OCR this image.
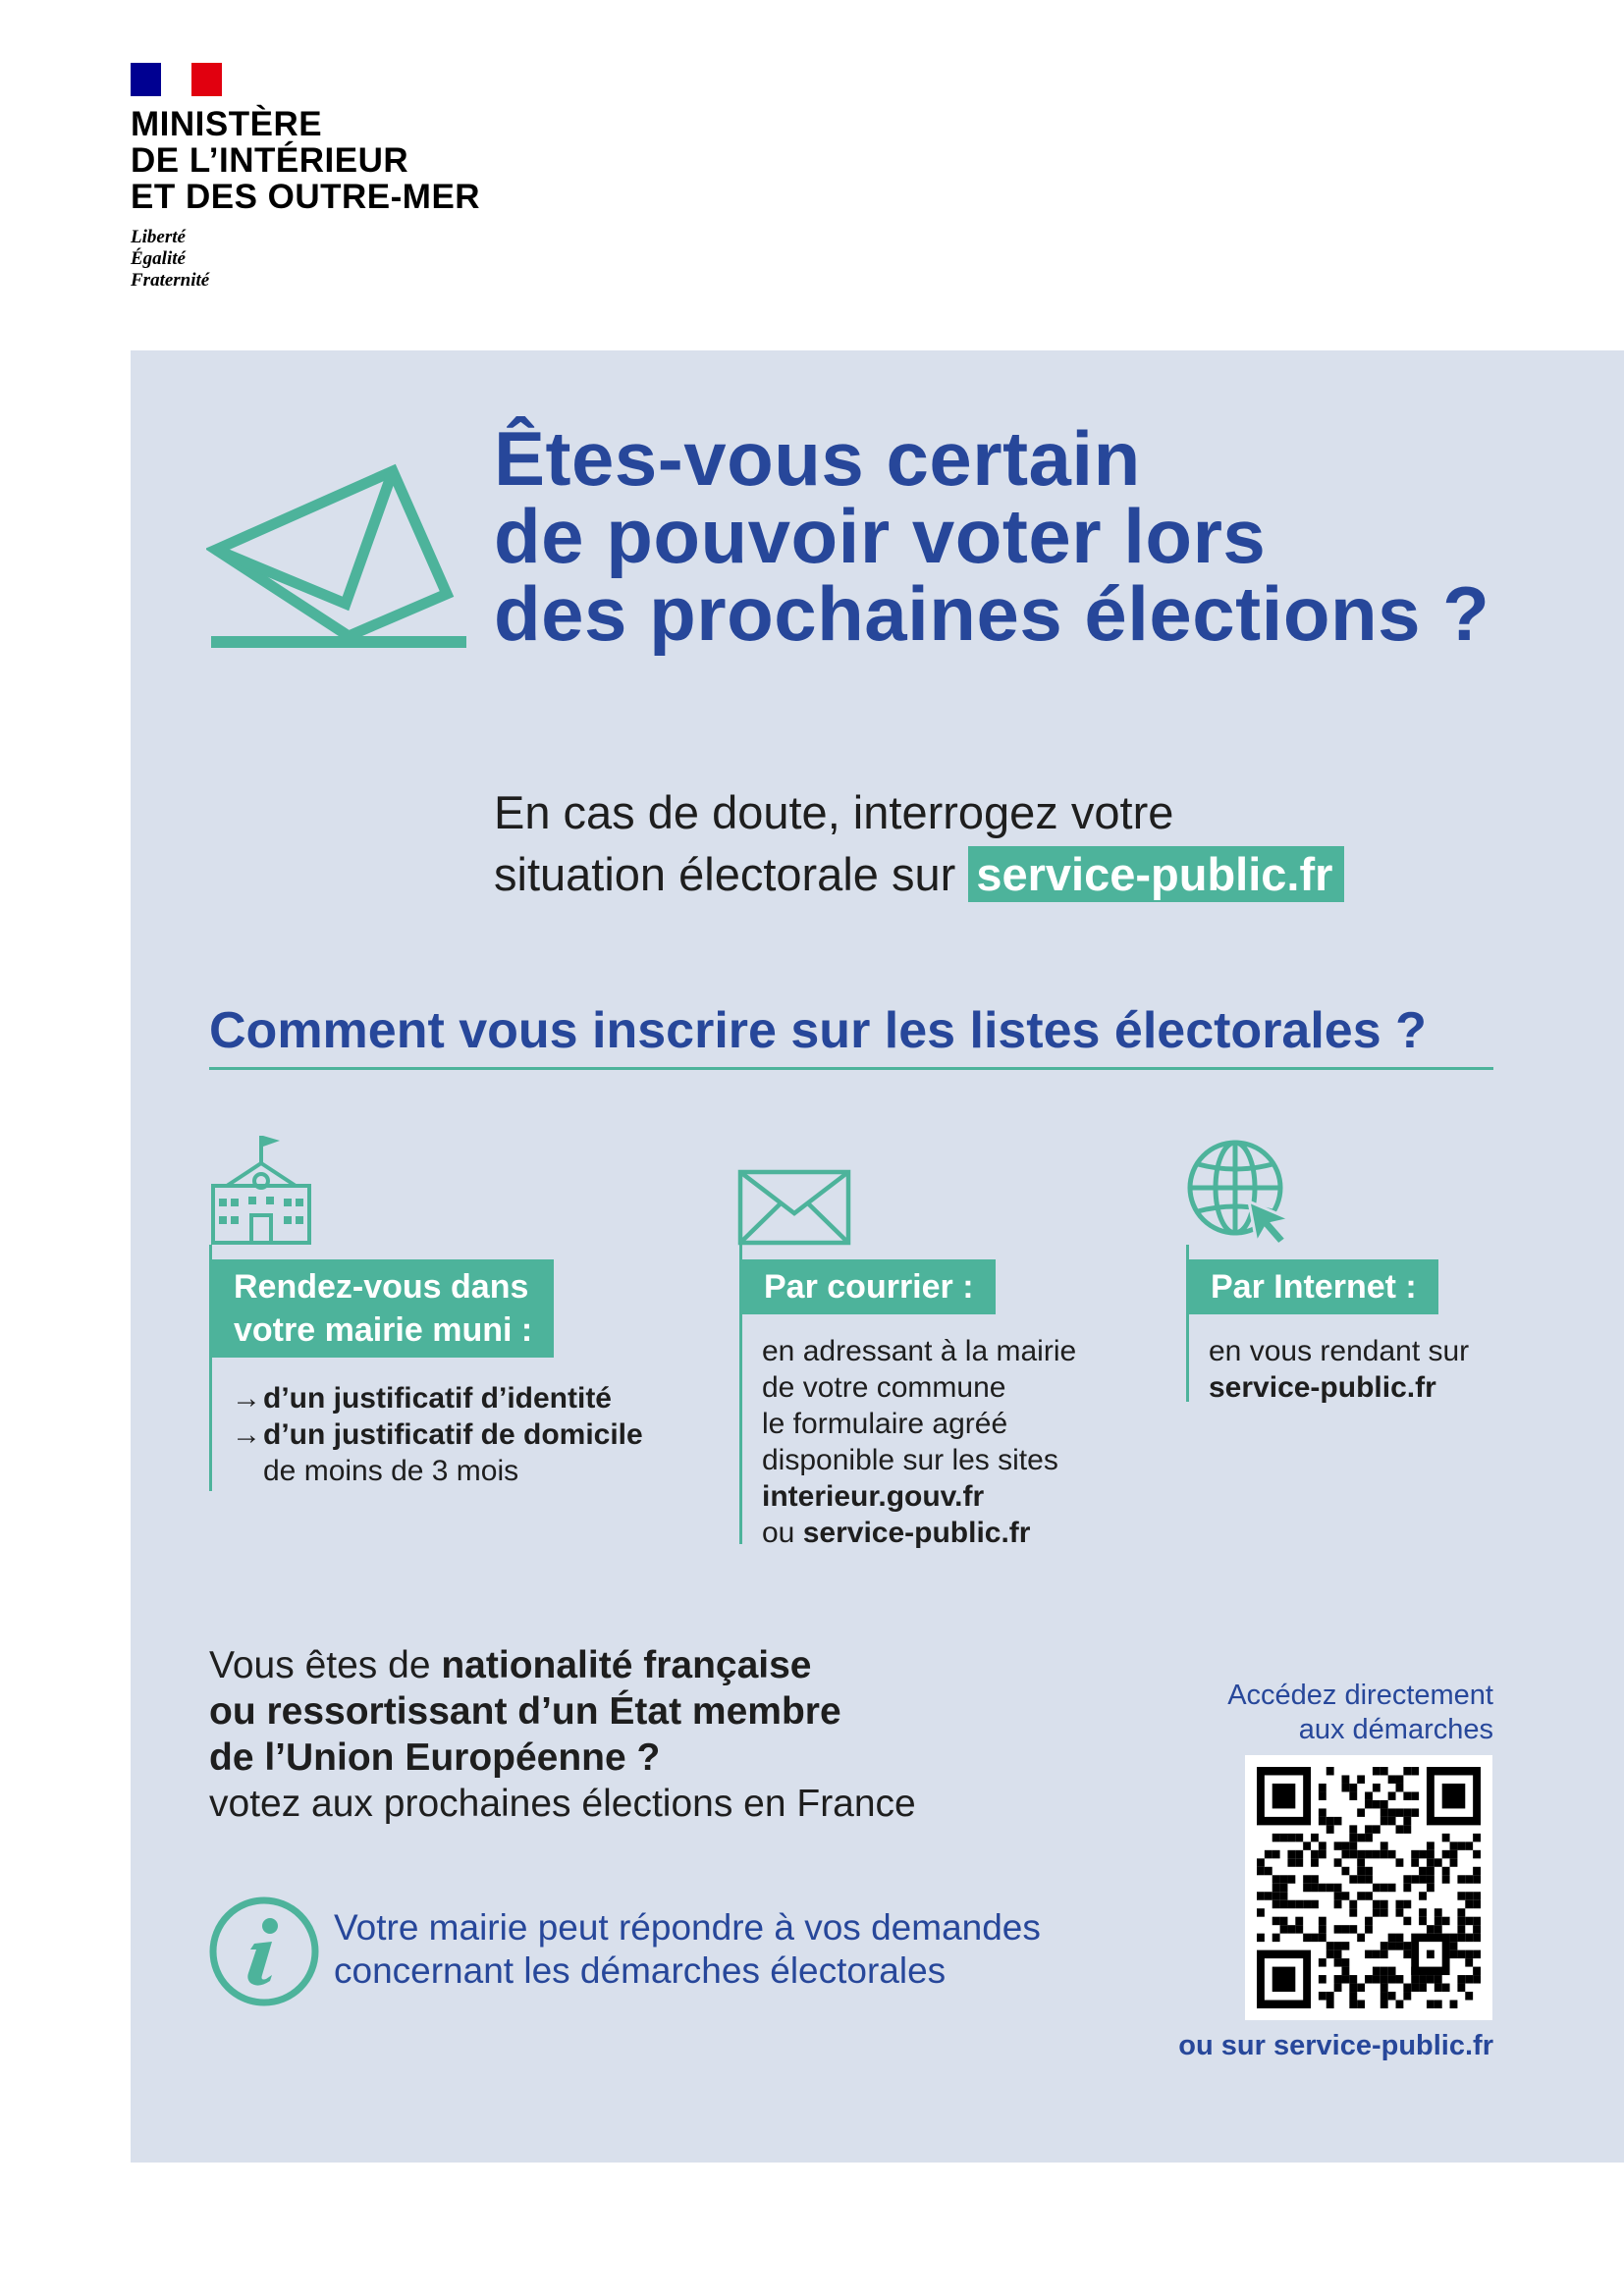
MINISTÈRE
DE L’INTÉRIEUR
ET DES OUTRE-MER
Liberté
Égalité
Fraternité
Êtes-vous certain
de pouvoir voter lors
des prochaines élections ?
En cas de doute, interrogez votre
situation électorale sur service-public.fr
Comment vous inscrire sur les listes électorales ?
Rendez-vous dans
votre mairie muni :
→d’un justificatif d’identité
→d’un justificatif de domicile
de moins de 3 mois
Par courrier :
en adressant à la mairie
de votre commune
le formulaire agréé
disponible sur les sites
interieur.gouv.fr
ou service-public.fr
Par Internet :
en vous rendant sur
service-public.fr
Vous êtes de nationalité française
ou ressortissant d’un État membre
de l’Union Européenne ?
votez aux prochaines élections en France
Votre mairie peut répondre à vos demandes
concernant les démarches électorales
Accédez directement
aux démarches
ou sur service-public.fr
